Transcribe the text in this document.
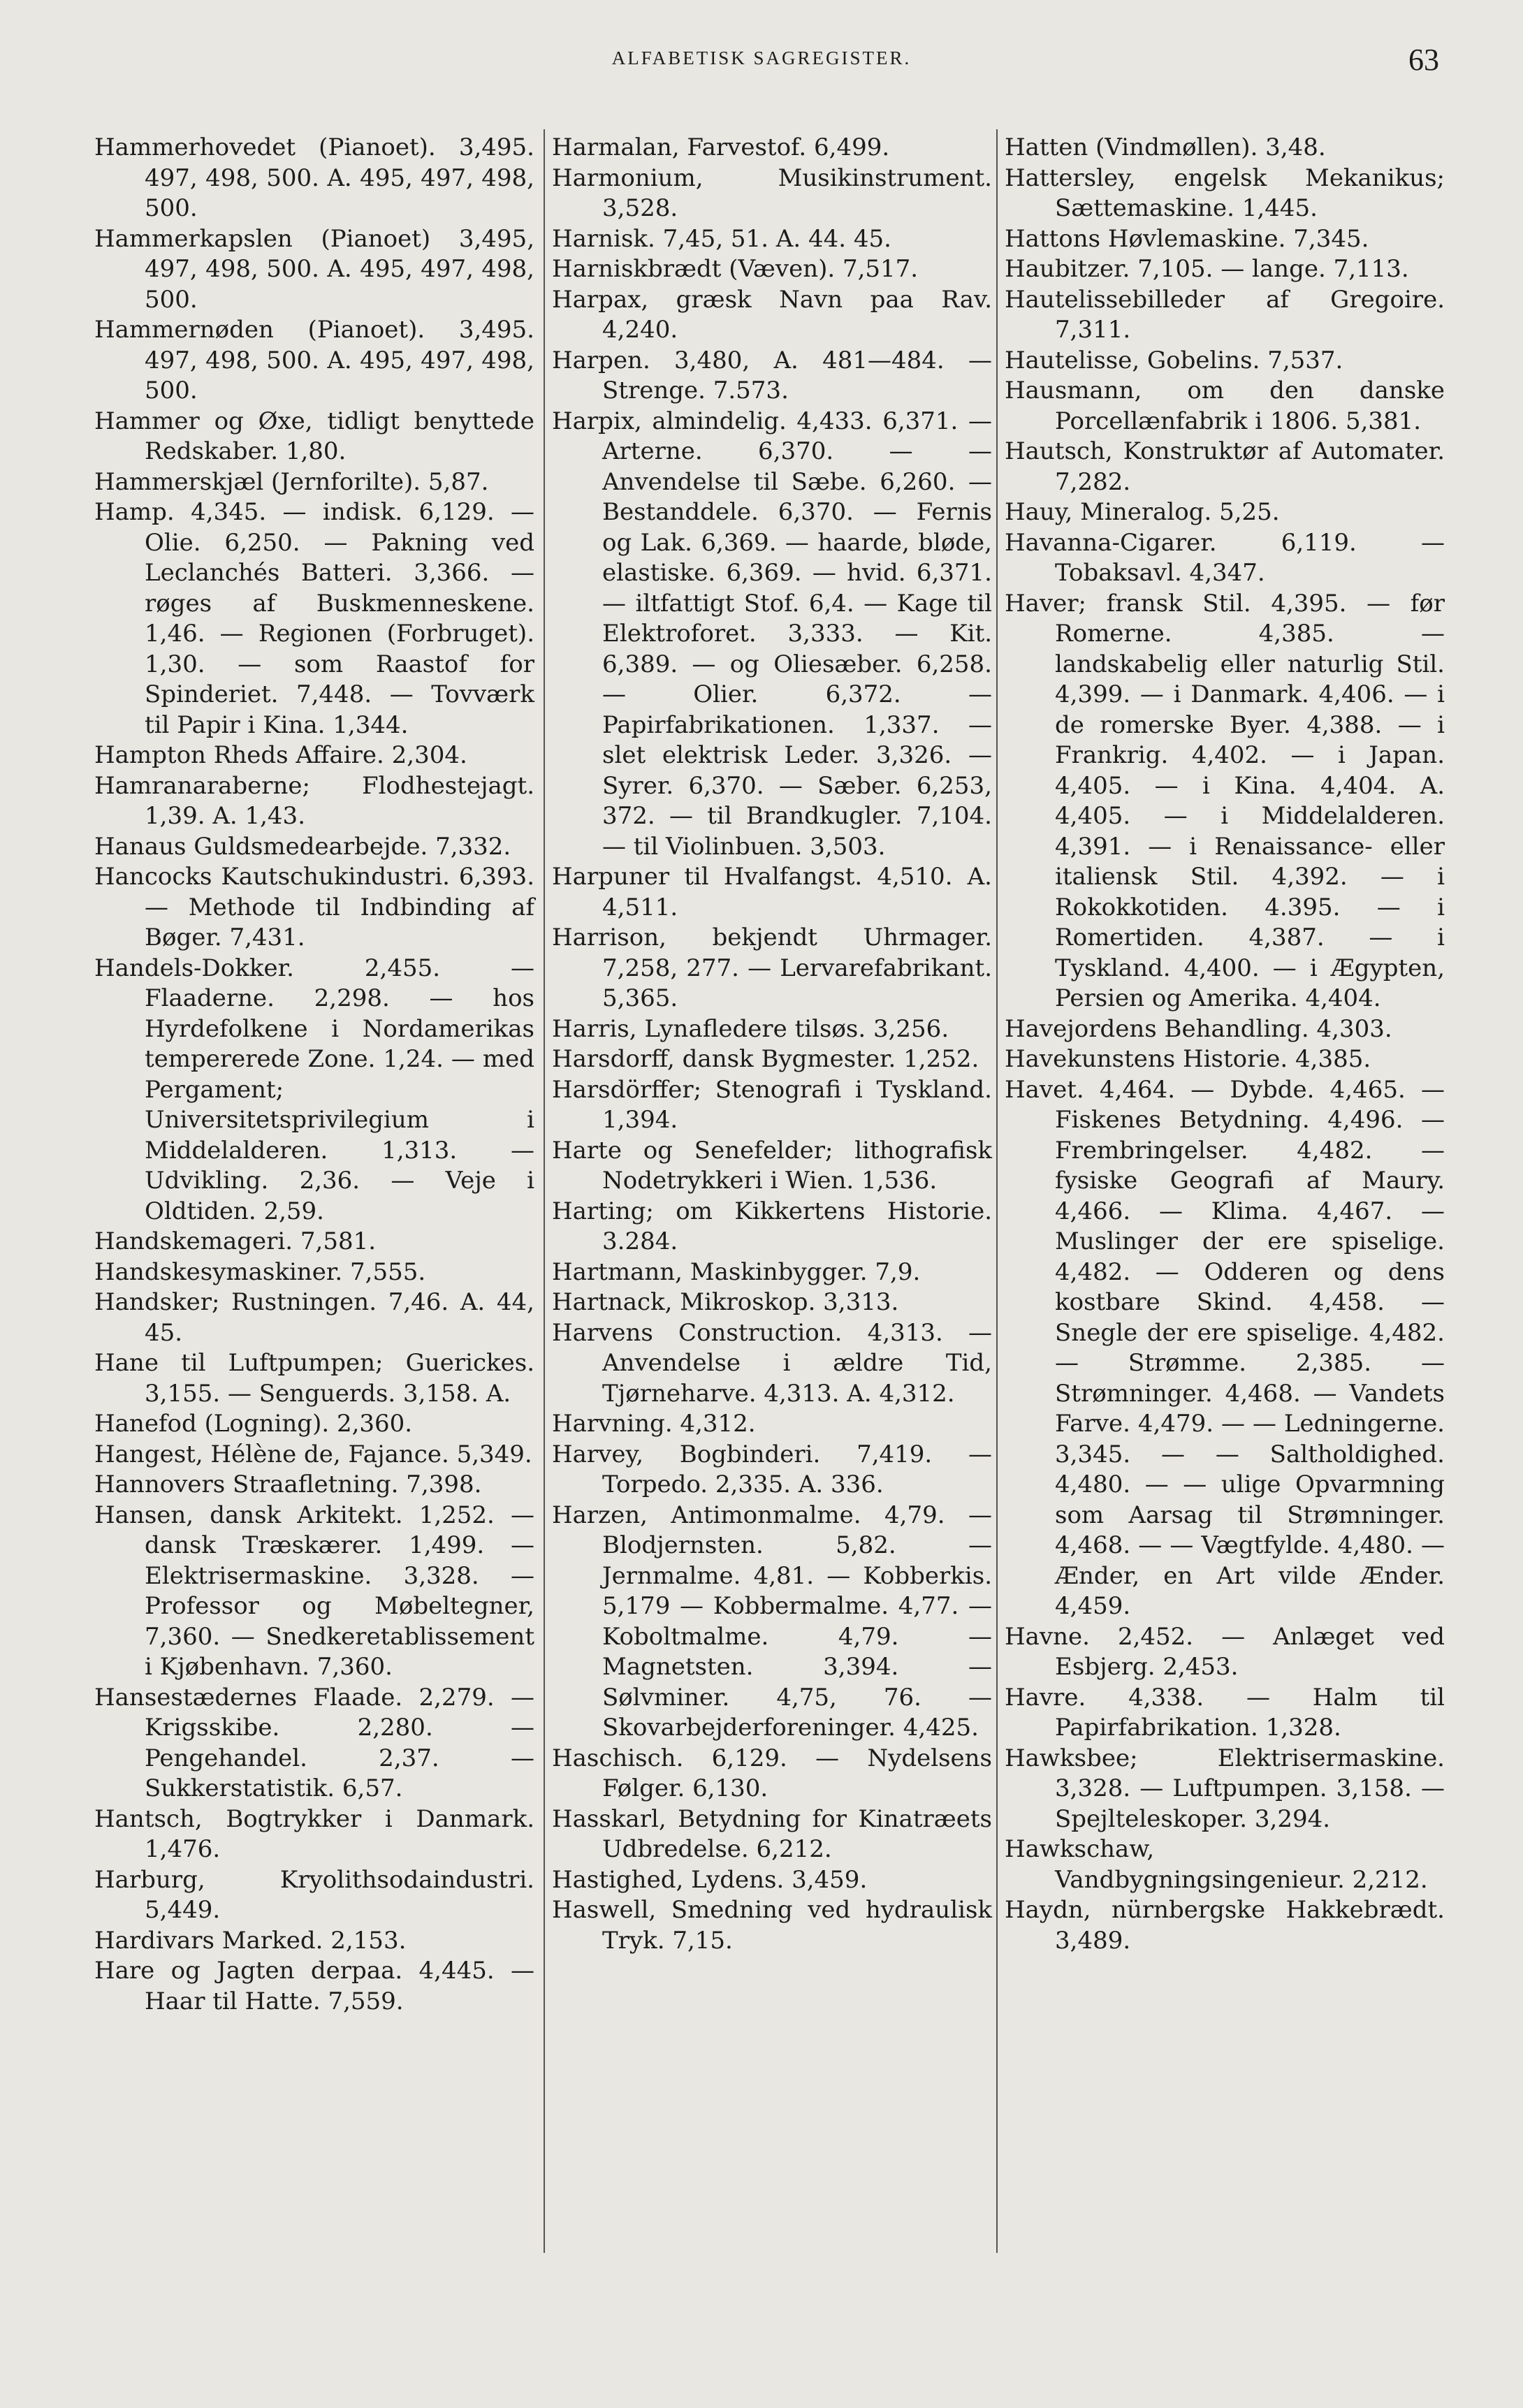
ALFABETISK SAGREGISTER.	63

Hammerhovedet (Pianoet). 3,495. 497, 498, 500. A. 495, 497, 498, 500.

Hammerkapslen (Pianoet) 3,495, 497, 498, 500. A. 495, 497, 498, 500.

Hammernøden (Pianoet). 3,495. 497, 498, 500. A. 495, 497, 498, 500.

Hammer og Øxe, tidligt benyttede Redskaber. 1,80.

Hammerskjæl (Jernforilte). 5,87.

Hamp. 4,345. — indisk. 6,129. — Olie. 6,250. — Pakning ved Leclanchés Batteri. 3,366. — røges af Buskmenneskene. 1,46. — Regionen (Forbruget). 1,30. — som Raastof for Spinderiet. 7,448. — Tovværk til Papir i Kina. 1,344.

Hampton Rheds Affaire. 2,304.

Hamranaraberne; Flodhestejagt. 1,39. A. 1,43.

Hanaus Guldsmedearbejde. 7,332.

Hancocks Kautschukindustri. 6,393. — Methode til Indbinding af Bøger. 7,431.

Handels-Dokker. 2,455. — Flaaderne. 2,298. — hos Hyrdefolkene i Nordamerikas tempererede Zone. 1,24. — med Pergament; Universitetsprivilegium i Middelalderen. 1,313. — Udvikling. 2,36. — Veje i Oldtiden. 2,59.

Handskemageri. 7,581.

Handskesymaskiner. 7,555.

Handsker; Rustningen. 7,46. A. 44, 45.

Hane til Luftpumpen; Guerickes. 3,155. — Senguerds. 3,158. A.

Hanefod (Logning). 2,360.

Hangest, Hélène de, Fajance. 5,349.

Hannovers Straafletning. 7,398.

Hansen, dansk Arkitekt. 1,252. — dansk Træskærer. 1,499. — Elektrisermaskine. 3,328. — Professor og Møbeltegner, 7,360. — Snedkeretablissement i Kjøbenhavn. 7,360.

Hansestædernes Flaade. 2,279. — Krigsskibe. 2,280. — Pengehandel. 2,37. — Sukkerstatistik. 6,57.

Hantsch, Bogtrykker i Danmark. 1,476.

Harburg, Kryolithsodaindustri. 5,449.

Hardivars Marked. 2,153.

Hare og Jagten derpaa. 4,445. — Haar til Hatte. 7,559.

Harmalan, Farvestof. 6,499.

Harmonium, Musikinstrument. 3,528.

Harnisk. 7,45, 51. A. 44. 45.

Harniskbrædt (Væven). 7,517.

Harpax, græsk Navn paa Rav. 4,240.

Harpen. 3,480, A. 481—484. — Strenge. 7.573.

Harpix, almindelig. 4,433. 6,371. — Arterne. 6,370. — — Anvendelse til Sæbe. 6,260. — Bestanddele. 6,370. — Fernis og Lak. 6,369. — haarde, bløde, elastiske. 6,369. — hvid. 6,371. — iltfattigt Stof. 6,4. — Kage til Elektroforet. 3,333. — Kit. 6,389. — og Oliesæber. 6,258. — Olier. 6,372. — Papirfabrikationen. 1,337. — slet elektrisk Leder. 3,326. — Syrer. 6,370. — Sæber. 6,253, 372. — til Brandkugler. 7,104. — til Violinbuen. 3,503.

Harpuner til Hvalfangst. 4,510. A. 4,511.

Harrison, bekjendt Uhrmager. 7,258, 277. — Lervarefabrikant. 5,365.

Harris, Lynafledere tilsøs. 3,256.

Harsdorff, dansk Bygmester. 1,252.

Harsdörffer; Stenografi i Tyskland. 1,394.

Harte og Senefelder; lithografisk Nodetrykkeri i Wien. 1,536.

Harting; om Kikkertens Historie. 3.284.

Hartmann, Maskinbygger. 7,9.

Hartnack, Mikroskop. 3,313.

Harvens Construction. 4,313. — Anvendelse i ældre Tid, Tjørneharve. 4,313. A. 4,312.

Harvning. 4,312.

Harvey, Bogbinderi. 7,419. — Torpedo. 2,335. A. 336.

Harzen, Antimonmalme. 4,79. — Blodjernsten. 5,82. — Jernmalme. 4,81. — Kobberkis. 5,179 — Kobbermalme. 4,77. — Koboltmalme. 4,79. — Magnetsten. 3,394. — Sølvminer. 4,75, 76. — Skovarbejderforeninger. 4,425.

Haschisch. 6,129. — Nydelsens Følger. 6,130.

Hasskarl, Betydning for Kinatræets Udbredelse. 6,212.

Hastighed, Lydens. 3,459.

Haswell, Smedning ved hydraulisk Tryk. 7,15.

Hatten (Vindmøllen). 3,48.

Hattersley, engelsk Mekanikus; Sættemaskine. 1,445.

Hattons Høvlemaskine. 7,345.

Haubitzer. 7,105. — lange. 7,113.

Hautelissebilleder af Gregoire. 7,311.

Hautelisse, Gobelins. 7,537.

Hausmann, om den danske Porcellænfabrik i 1806. 5,381.

Hautsch, Konstruktør af Automater. 7,282.

Hauy, Mineralog. 5,25.

Havanna-Cigarer. 6,119. — Tobaksavl. 4,347.

Haver; fransk Stil. 4,395. — før Romerne. 4,385. — landskabelig eller naturlig Stil. 4,399. — i Danmark. 4,406. — i de romerske Byer. 4,388. — i Frankrig. 4,402. — i Japan. 4,405. — i Kina. 4,404. A. 4,405. — i Middelalderen. 4,391. — i Renaissance- eller italiensk Stil. 4,392. — i Rokokkotiden. 4.395. — i Romertiden. 4,387. — i Tyskland. 4,400. — i Ægypten, Persien og Amerika. 4,404.

Havejordens Behandling. 4,303.

Havekunstens Historie. 4,385.

Havet. 4,464. — Dybde. 4,465. — Fiskenes Betydning. 4,496. — Frembringelser. 4,482. — fysiske Geografi af Maury. 4,466. — Klima. 4,467. — Muslinger der ere spiselige. 4,482. — Odderen og dens kostbare Skind. 4,458. — Snegle der ere spiselige. 4,482. — Strømme. 2,385. — Strømninger. 4,468. — Vandets Farve. 4,479. — — Ledningerne. 3,345. — — Saltholdighed. 4,480. — — ulige Opvarmning som Aarsag til Strømninger. 4,468. — — Vægtfylde. 4,480. — Ænder, en Art vilde Ænder. 4,459.

Havne. 2,452. — Anlæget ved Esbjerg. 2,453.

Havre. 4,338. — Halm til Papirfabrikation. 1,328.

Hawksbee; Elektrisermaskine. 3,328. — Luftpumpen. 3,158. — Spejlteleskoper. 3,294.

Hawkschaw, Vandbygningsingenieur. 2,212.

Haydn, nürnbergske Hakkebrædt. 3,489.
